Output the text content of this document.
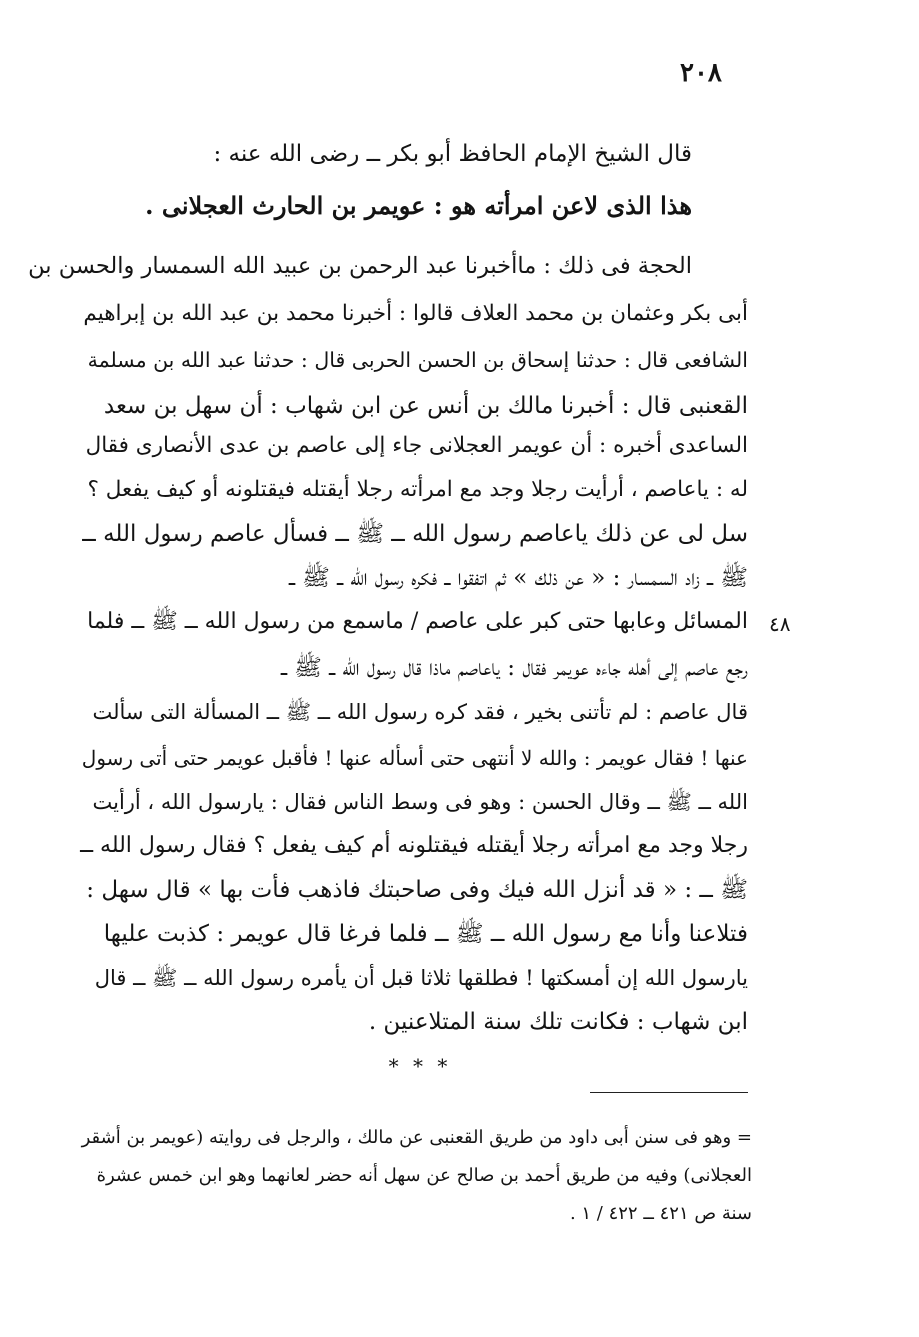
٢٠٨
قال الشيخ الإمام الحافظ أبو بكر ــ رضى الله عنه :
هذا الذى لاعن امرأته هو : عويمر بن الحارث العجلانى .
الحجة فى ذلك : ماأخبرنا عبد الرحمن بن عبيد الله السمسار والحسن بن
أبى بكر وعثمان بن محمد العلاف قالوا : أخبرنا محمد بن عبد الله بن إبراهيم
الشافعى قال : حدثنا إسحاق بن الحسن الحربى قال : حدثنا عبد الله بن مسلمة
القعنبى قال : أخبرنا مالك بن أنس عن ابن شهاب : أن سهل بن سعد
الساعدى أخبره : أن عويمر العجلانى جاء إلى عاصم بن عدى الأنصارى فقال
له : ياعاصم ، أرأيت رجلا وجد مع امرأته رجلا أيقتله فيقتلونه أو كيف يفعل ؟
سل لى عن ذلك ياعاصم رسول الله ــ ﷺ ــ فسأل عاصم رسول الله ــ
ﷺ ــ زاد السمسار : « عن ذلك » ثم اتفقوا ــ فكره رسول الله ــ ﷺ ــ
المسائل وعابها حتى كبر على عاصم / ماسمع من رسول الله ــ ﷺ ــ فلما
رجع عاصم إلى أهله جاءه عويمر فقال : ياعاصم ماذا قال رسول الله ــ ﷺ ــ
قال عاصم : لم تأتنى بخير ، فقد كره رسول الله ــ ﷺ ــ المسألة التى سألت
عنها ! فقال عويمر : والله لا أنتهى حتى أسأله عنها ! فأقبل عويمر حتى أتى رسول
الله ــ ﷺ ــ وقال الحسن : وهو فى وسط الناس فقال : يارسول الله ، أرأيت
رجلا وجد مع امرأته رجلا أيقتله فيقتلونه أم كيف يفعل ؟ فقال رسول الله ــ
ﷺ ــ : « قد أنزل الله فيك وفى صاحبتك فاذهب فأت بها » قال سهل :
فتلاعنا وأنا مع رسول الله ــ ﷺ ــ فلما فرغا قال عويمر : كذبت عليها
يارسول الله إن أمسكتها ! فطلقها ثلاثا قبل أن يأمره رسول الله ــ ﷺ ــ قال
ابن شهاب : فكانت تلك سنة المتلاعنين .
٤٨
* * *
= وهو فى سنن أبى داود من طريق القعنبى عن مالك ، والرجل فى روايته (عويمر بن أشقر
العجلانى) وفيه من طريق أحمد بن صالح عن سهل أنه حضر لعانهما وهو ابن خمس عشرة
سنة ص ٤٢١ ــ ٤٢٢ / ١ .
